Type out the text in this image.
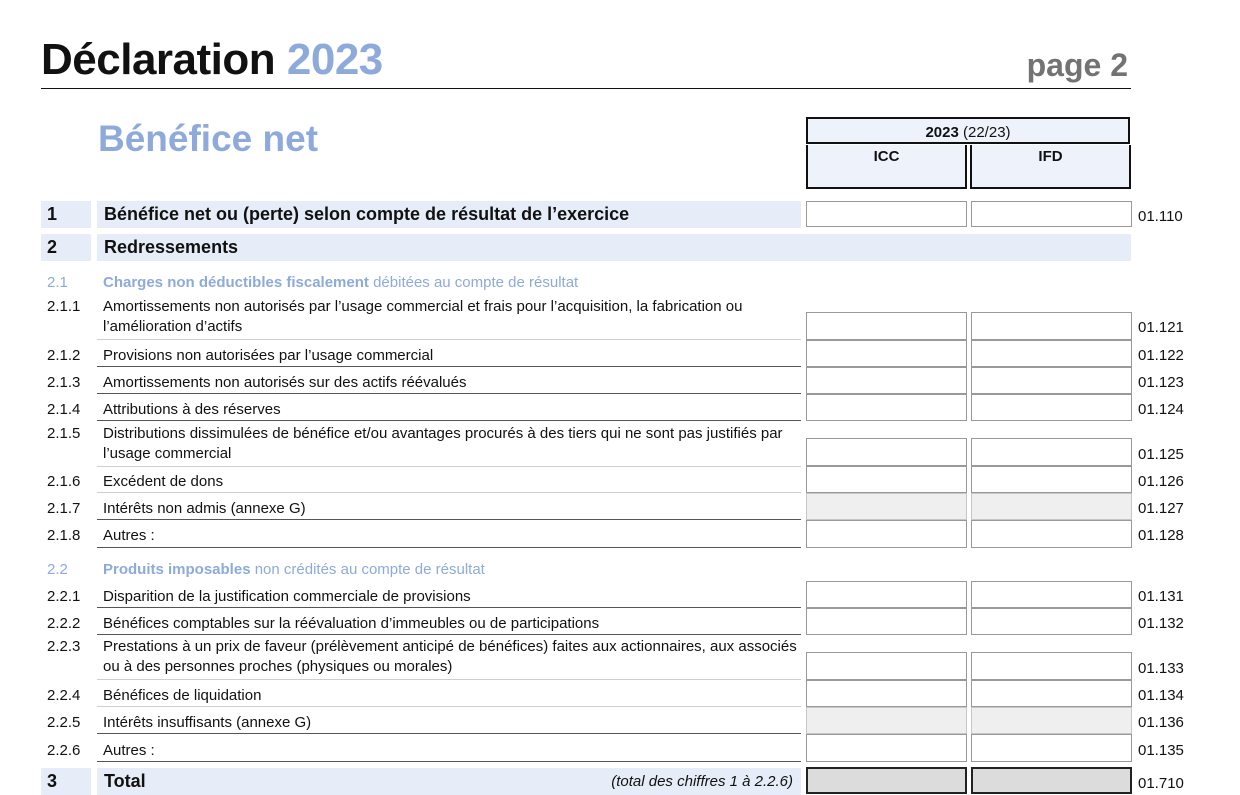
Déclaration 2023	page 2
Bénéfice net	2023 (22/23)
ICC	IFD
1	Bénéfice net ou (perte) selon compte de résultat de l’exercice	01.110
2	Redressements
2.1 Charges non déductibles fiscalement débitées au compte de résultat
2.1.1 Amortissements non autorisés par l’usage commercial et frais pour l’acquisition, la fabrication ou l’amélioration d’actifs	01.121
2.1.2 Provisions non autorisées par l’usage commercial	01.122
2.1.3 Amortissements non autorisés sur des actifs réévalués	01.123
2.1.4 Attributions à des réserves	01.124
2.1.5 Distributions dissimulées de bénéfice et/ou avantages procurés à des tiers qui ne sont pas justifiés par l’usage commercial	01.125
2.1.6 Excédent de dons	01.126
2.1.7 Intérêts non admis (annexe G)	01.127
2.1.8 Autres :	01.128
2.2 Produits imposables non crédités au compte de résultat
2.2.1 Disparition de la justification commerciale de provisions	01.131
2.2.2 Bénéfices comptables sur la réévaluation d’immeubles ou de participations	01.132
2.2.3 Prestations à un prix de faveur (prélèvement anticipé de bénéfices) faites aux actionnaires, aux associés ou à des personnes proches (physiques ou morales)	01.133
2.2.4 Bénéfices de liquidation	01.134
2.2.5 Intérêts insuffisants (annexe G)	01.136
2.2.6 Autres :	01.135
3	Total	(total des chiffres 1 à 2.2.6)	01.710
